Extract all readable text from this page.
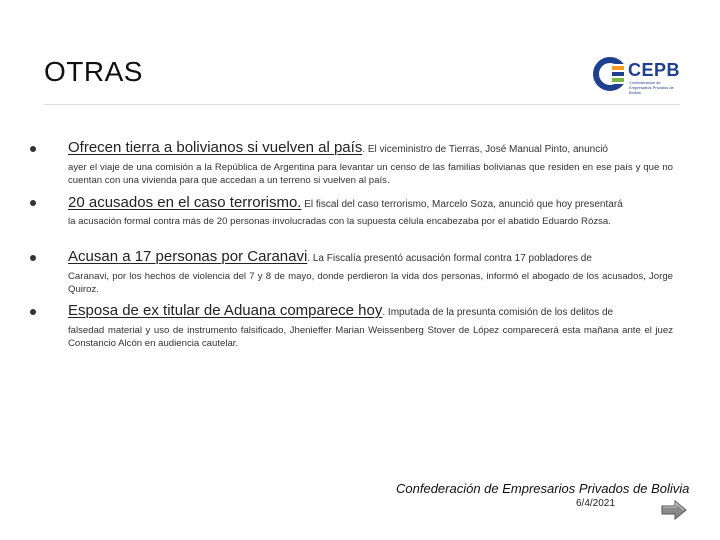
OTRAS	CEPB
Confederación de Empresarios Privados de Bolivia
Ofrecen tierra a bolivianos si vuelven al país. El viceministro de Tierras, José Manual Pinto, anunció
ayer el viaje de una comisión a la República de Argentina para levantar un censo de las familias bolivianas que residen en ese país y que no cuentan con una vivienda para que accedan a un terreno si vuelven al país.
20 acusados en el caso terrorismo. El fiscal del caso terrorismo, Marcelo Soza, anunció que hoy presentará
la acusación formal contra más de 20 personas involucradas con la supuesta célula encabezaba por el abatido Eduardo Rózsa.
Acusan a 17 personas por Caranavi. La Fiscalía presentó acusación formal contra 17 pobladores de
Caranavi, por los hechos de violencia del 7 y 8 de mayo, donde perdieron la vida dos personas, informó el abogado de los acusados, Jorge Quiroz.
Esposa de ex titular de Aduana comparece hoy. Imputada de la presunta comisión de los delitos de
falsedad material y uso de instrumento falsificado, Jhenieffer Marian Weissenberg Stover de López comparecerá esta mañana ante el juez Constancio Alcón en audiencia cautelar.
Confederación de Empresarios Privados de Bolivia
6/4/2021
